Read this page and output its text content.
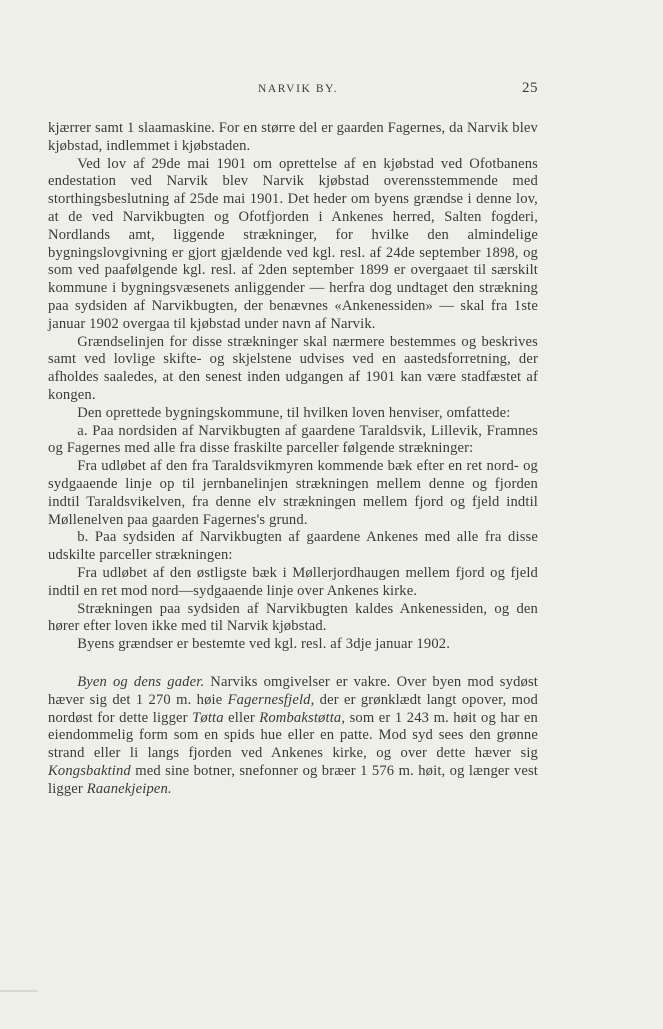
NARVIK BY.	25

kjærrer samt 1 slaamaskine. For en større del er gaarden Fagernes, da Narvik blev kjøbstad, indlemmet i kjøbstaden.

Ved lov af 29de mai 1901 om oprettelse af en kjøbstad ved Ofotbanens endestation ved Narvik blev Narvik kjøbstad overensstemmende med storthingsbeslutning af 25de mai 1901. Det heder om byens grændse i denne lov, at de ved Narvikbugten og Ofotfjorden i Ankenes herred, Salten fogderi, Nordlands amt, liggende strækninger, for hvilke den almindelige bygningslovgivning er gjort gjældende ved kgl. resl. af 24de september 1898, og som ved paafølgende kgl. resl. af 2den september 1899 er overgaaet til særskilt kommune i bygningsvæsenets anliggender — herfra dog undtaget den strækning paa sydsiden af Narvikbugten, der benævnes «Ankenessiden» — skal fra 1ste januar 1902 overgaa til kjøbstad under navn af Narvik.

Grændselinjen for disse strækninger skal nærmere bestemmes og beskrives samt ved lovlige skifte- og skjelstene udvises ved en aastedsforretning, der afholdes saaledes, at den senest inden udgangen af 1901 kan være stadfæstet af kongen.

Den oprettede bygningskommune, til hvilken loven henviser, omfattede:

a. Paa nordsiden af Narvikbugten af gaardene Taraldsvik, Lillevik, Framnes og Fagernes med alle fra disse fraskilte parceller følgende strækninger:

Fra udløbet af den fra Taraldsvikmyren kommende bæk efter en ret nord- og sydgaaende linje op til jernbanelinjen strækningen mellem denne og fjorden indtil Taraldsvikelven, fra denne elv strækningen mellem fjord og fjeld indtil Møllenelven paa gaarden Fagernes's grund.

b. Paa sydsiden af Narvikbugten af gaardene Ankenes med alle fra disse udskilte parceller strækningen:

Fra udløbet af den østligste bæk i Møllerjordhaugen mellem fjord og fjeld indtil en ret mod nord—sydgaaende linje over Ankenes kirke.

Strækningen paa sydsiden af Narvikbugten kaldes Ankenessiden, og den hører efter loven ikke med til Narvik kjøbstad.

Byens grændser er bestemte ved kgl. resl. af 3dje januar 1902.

Byen og dens gader. Narviks omgivelser er vakre. Over byen mod sydøst hæver sig det 1 270 m. høie Fagernesfjeld, der er grønklædt langt opover, mod nordøst for dette ligger Tøtta eller Rombakstøtta, som er 1 243 m. høit og har en eiendommelig form som en spids hue eller en patte. Mod syd sees den grønne strand eller li langs fjorden ved Ankenes kirke, og over dette hæver sig Kongsbaktind med sine botner, snefonner og bræer 1 576 m. høit, og længer vest ligger Raanekjeipen.
